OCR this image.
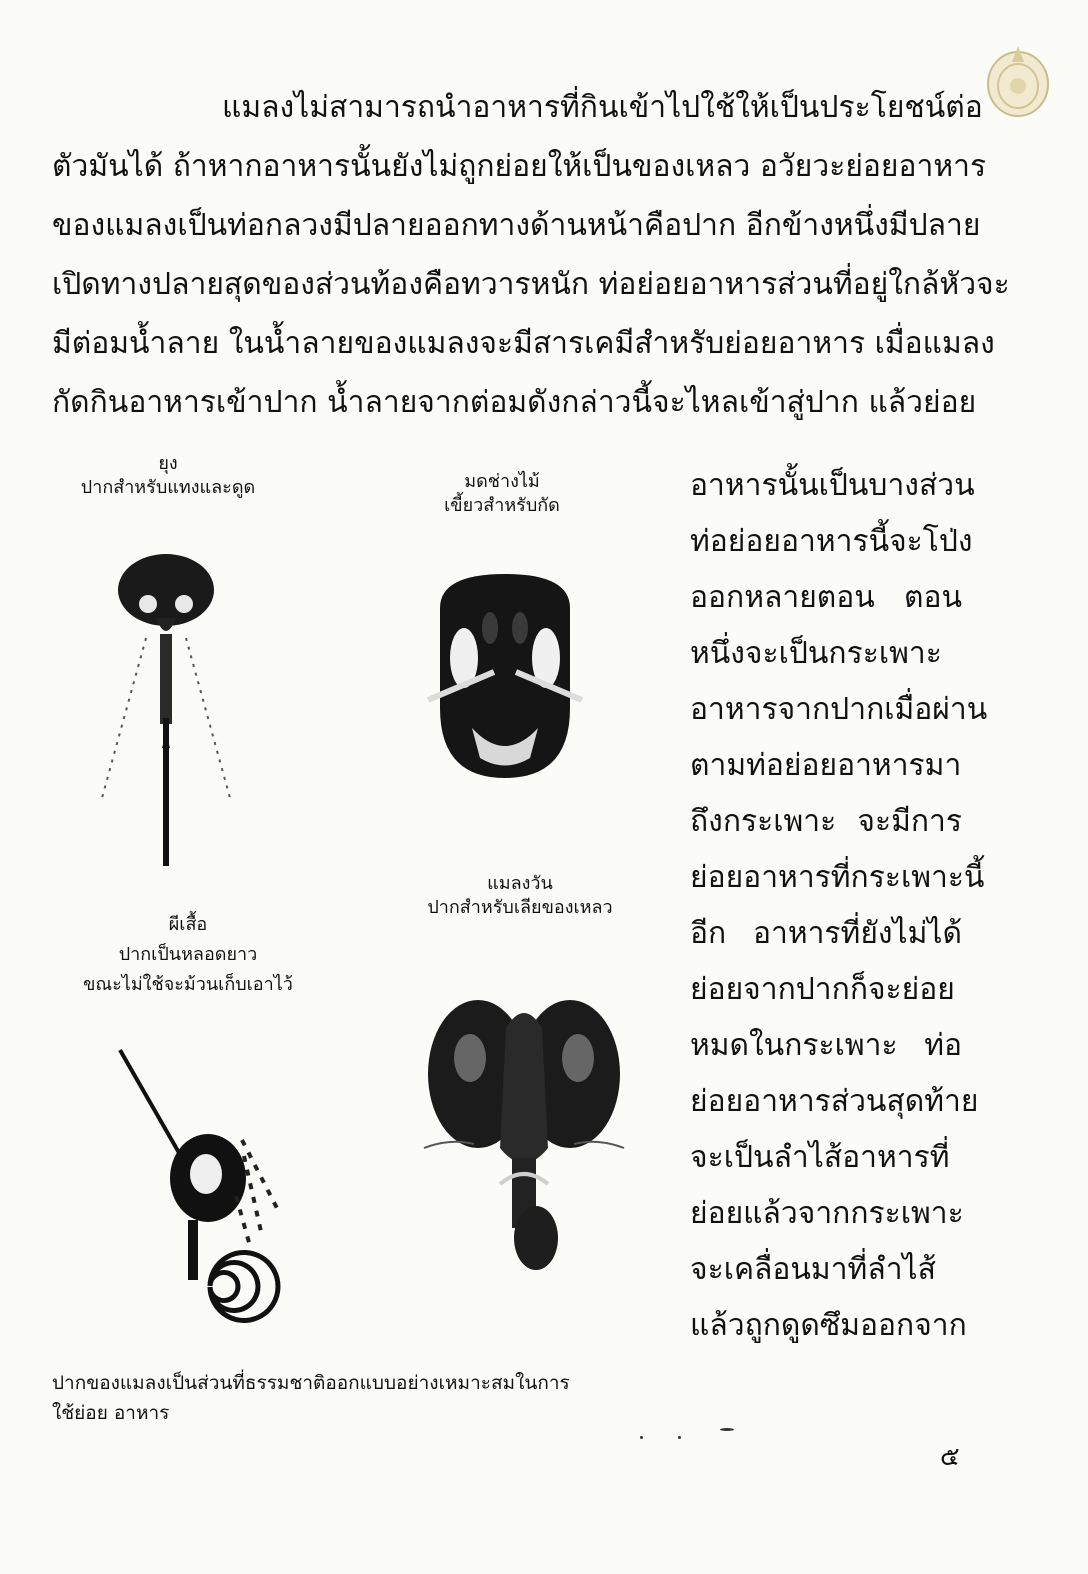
แมลงไม่สามารถนำอาหารที่กินเข้าไปใช้ให้เป็นประโยชน์ต่อ
ตัวมันได้ ถ้าหากอาหารนั้นยังไม่ถูกย่อยให้เป็นของเหลว อวัยวะย่อยอาหาร
ของแมลงเป็นท่อกลวงมีปลายออกทางด้านหน้าคือปาก อีกข้างหนึ่งมีปลาย
เปิดทางปลายสุดของส่วนท้องคือทวารหนัก ท่อย่อยอาหารส่วนที่อยู่ใกล้หัวจะ
มีต่อมน้ำลาย ในน้ำลายของแมลงจะมีสารเคมีสำหรับย่อยอาหาร เมื่อแมลง
กัดกินอาหารเข้าปาก น้ำลายจากต่อมดังกล่าวนี้จะไหลเข้าสู่ปาก แล้วย่อย

อาหารนั้นเป็นบางส่วน
ท่อย่อยอาหารนี้จะโป่ง
ออกหลายตอน ตอน
หนึ่งจะเป็นกระเพาะ
อาหารจากปากเมื่อผ่าน
ตามท่อย่อยอาหารมา
ถึงกระเพาะ จะมีการ
ย่อยอาหารที่กระเพาะนี้
อีก อาหารที่ยังไม่ได้
ย่อยจากปากก็จะย่อย
หมดในกระเพาะ ท่อ
ย่อยอาหารส่วนสุดท้าย
จะเป็นลำไส้อาหารที่
ย่อยแล้วจากกระเพาะ
จะเคลื่อนมาที่ลำไส้
แล้วถูกดูดซึมออกจาก

ยุง
ปากสำหรับแทงและดูด	มดช่างไม้
เขี้ยวสำหรับกัด
แมลงวัน
ปากสำหรับเลียของเหลว
ผีเสื้อ
ปากเป็นหลอดยาว
ขณะไม่ใช้จะม้วนเก็บเอาไว้
ปากของแมลงเป็นส่วนที่ธรรมชาติออกแบบอย่างเหมาะสมในการ
ใช้ย่อย อาหาร
๕
